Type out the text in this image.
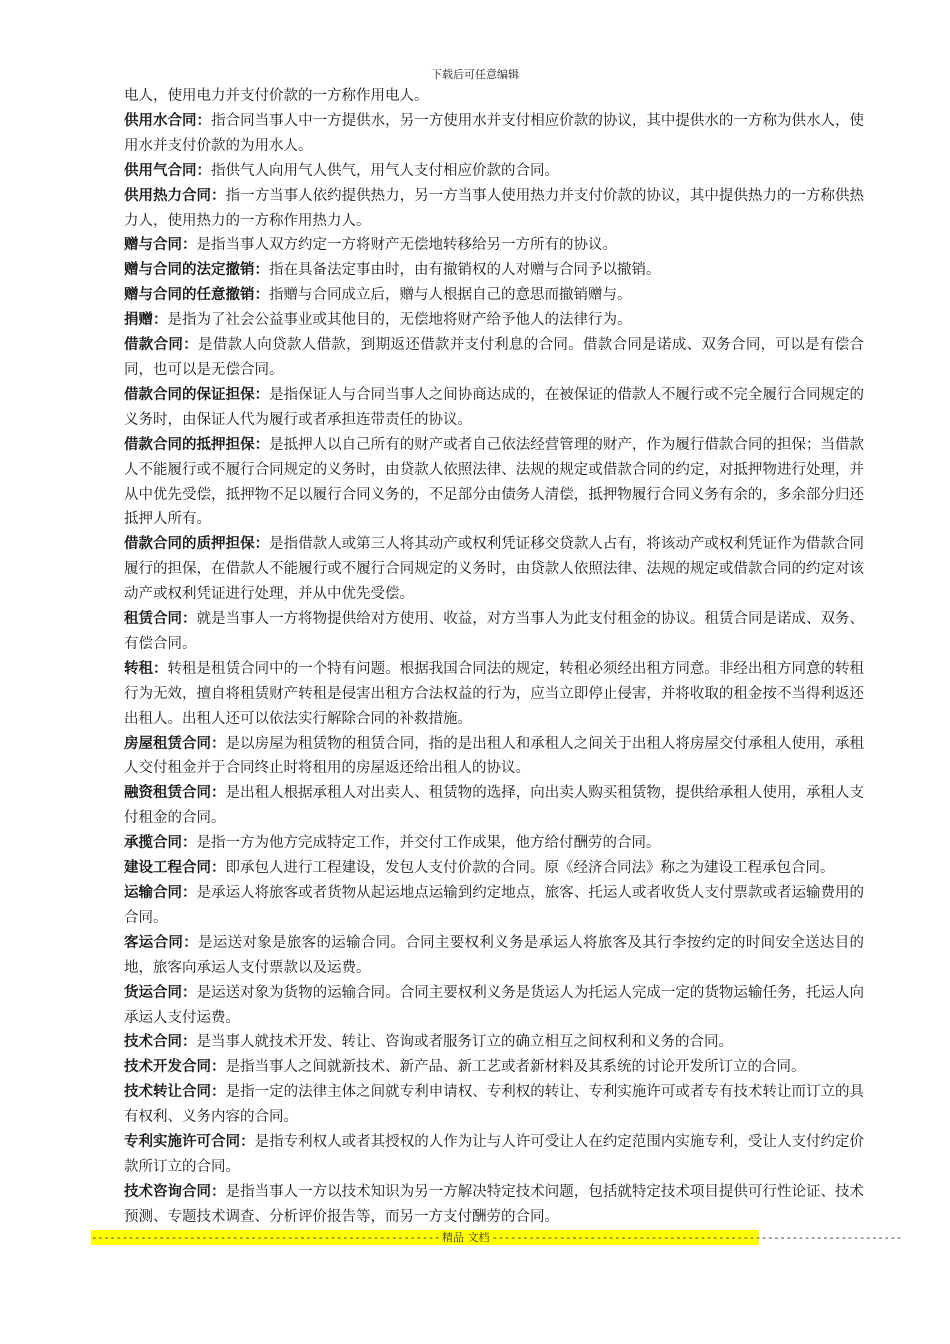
下载后可任意编辑

电人，使用电力并支付价款的一方称作用电人。

供用水合同：指合同当事人中一方提供水，另一方使用水并支付相应价款的协议，其中提供水的一方称为供水人，使用水并支付价款的为用水人。

供用气合同：指供气人向用气人供气，用气人支付相应价款的合同。

供用热力合同：指一方当事人依约提供热力，另一方当事人使用热力并支付价款的协议，其中提供热力的一方称供热力人，使用热力的一方称作用热力人。

赠与合同：是指当事人双方约定一方将财产无偿地转移给另一方所有的协议。

赠与合同的法定撤销：指在具备法定事由时，由有撤销权的人对赠与合同予以撤销。

赠与合同的任意撤销：指赠与合同成立后，赠与人根据自己的意思而撤销赠与。

捐赠：是指为了社会公益事业或其他目的，无偿地将财产给予他人的法律行为。

借款合同：是借款人向贷款人借款，到期返还借款并支付利息的合同。借款合同是诺成、双务合同，可以是有偿合同，也可以是无偿合同。

借款合同的保证担保：是指保证人与合同当事人之间协商达成的，在被保证的借款人不履行或不完全履行合同规定的义务时，由保证人代为履行或者承担连带责任的协议。

借款合同的抵押担保：是抵押人以自己所有的财产或者自己依法经营管理的财产，作为履行借款合同的担保；当借款人不能履行或不履行合同规定的义务时，由贷款人依照法律、法规的规定或借款合同的约定，对抵押物进行处理，并从中优先受偿，抵押物不足以履行合同义务的，不足部分由债务人清偿，抵押物履行合同义务有余的，多余部分归还抵押人所有。

借款合同的质押担保：是指借款人或第三人将其动产或权利凭证移交贷款人占有，将该动产或权利凭证作为借款合同履行的担保，在借款人不能履行或不履行合同规定的义务时，由贷款人依照法律、法规的规定或借款合同的约定对该动产或权利凭证进行处理，并从中优先受偿。

租赁合同：就是当事人一方将物提供给对方使用、收益，对方当事人为此支付租金的协议。租赁合同是诺成、双务、有偿合同。

转租：转租是租赁合同中的一个特有问题。根据我国合同法的规定，转租必须经出租方同意。非经出租方同意的转租行为无效，擅自将租赁财产转租是侵害出租方合法权益的行为，应当立即停止侵害，并将收取的租金按不当得利返还出租人。出租人还可以依法实行解除合同的补救措施。

房屋租赁合同：是以房屋为租赁物的租赁合同，指的是出租人和承租人之间关于出租人将房屋交付承租人使用，承租人交付租金并于合同终止时将租用的房屋返还给出租人的协议。

融资租赁合同：是出租人根据承租人对出卖人、租赁物的选择，向出卖人购买租赁物，提供给承租人使用，承租人支付租金的合同。

承揽合同：是指一方为他方完成特定工作，并交付工作成果，他方给付酬劳的合同。

建设工程合同：即承包人进行工程建设，发包人支付价款的合同。原《经济合同法》称之为建设工程承包合同。

运输合同：是承运人将旅客或者货物从起运地点运输到约定地点，旅客、托运人或者收货人支付票款或者运输费用的合同。

客运合同：是运送对象是旅客的运输合同。合同主要权利义务是承运人将旅客及其行李按约定的时间安全送达目的地，旅客向承运人支付票款以及运费。

货运合同：是运送对象为货物的运输合同。合同主要权利义务是货运人为托运人完成一定的货物运输任务，托运人向承运人支付运费。

技术合同：是当事人就技术开发、转让、咨询或者服务订立的确立相互之间权利和义务的合同。

技术开发合同：是指当事人之间就新技术、新产品、新工艺或者新材料及其系统的讨论开发所订立的合同。

技术转让合同：是指一定的法律主体之间就专利申请权、专利权的转让、专利实施许可或者专有技术转让而订立的具有权利、义务内容的合同。

专利实施许可合同：是指专利权人或者其授权的人作为让与人许可受让人在约定范围内实施专利，受让人支付约定价款所订立的合同。

技术咨询合同：是指当事人一方以技术知识为另一方解决特定技术问题，包括就特定技术项目提供可行性论证、技术预测、专题技术调查、分析评价报告等，而另一方支付酬劳的合同。

--------------------------------------------------------- 精品 文档 -------------------------------------------------------------------
